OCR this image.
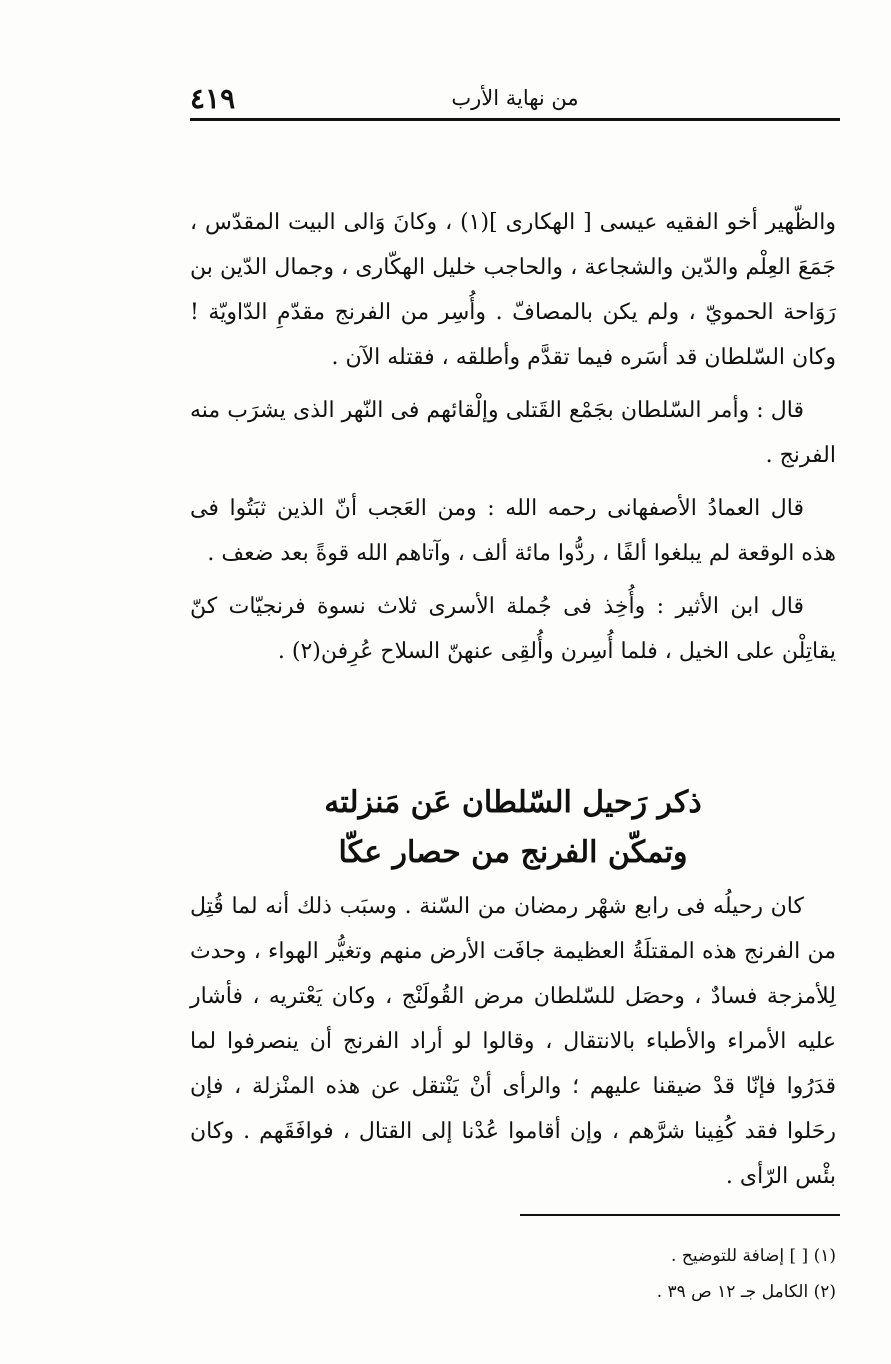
من نهاية الأرب
٤١٩

والظّهير أخو الفقيه عيسى [ الهكارى ](١) ، وكانَ وَالى البيت المقدّس ، جَمَعَ العِلْم والدّين والشجاعة ، والحاجب خليل الهكّارى ، وجمال الدّين بن رَوَاحة الحمويّ ، ولم يكن بالمصافّ . وأُسِر من الفرنج مقدّمِ الدّاويّة !وكان السّلطان قد أسَره فيما تقدَّم وأطلقه ، فقتله الآن .

قال : وأمر السّلطان بجَمْع القَتلى وإلْقائهم فى النّهر الذى يشرَب منه الفرنج .

قال العمادُ الأصفهانى رحمه الله : ومن العَجب أنّ الذين ثبَتُوا فى هذه الوقعة لم يبلغوا ألفًا ، ردُّوا مائة ألف ، وآتاهم الله قوةً بعد ضعف .

قال ابن الأثير : وأُخِذ فى جُملة الأسرى ثلاث نسوة فرنجيّات كنّ يقاتِلْن على الخيل ، فلما أُسِرن وأُلقِى عنهنّ السلاح عُرِفن(٢) .

ذكر رَحيل السّلطان عَن مَنزلته
وتمكّن الفرنج من حصار عكّا

كان رحيلُه فى رابع شهْر رمضان من السّنة . وسبَب ذلك أنه لما قُتِل من الفرنج هذه المقتلَةُ العظيمة جافَت الأرض منهم وتغيُّر الهواء ، وحدث لِلأمزجة فسادٌ ، وحصَل للسّلطان مرض القُولَنْج ، وكان يَعْتريه ، فأشار عليه الأمراء والأطباء بالانتقال ، وقالوا لو أراد الفرنج أن ينصرفوا لما قدَرُوا فإنّا قدْ ضيقنا عليهم ؛ والرأى أنْ يَنْتقل عن هذه المنْزلة ، فإن رحَلوا فقد كُفِينا شرَّهم ، وإن أقاموا عُدْنا إلى القتال ، فوافَقَهم . وكان بئْس الرّأى .

(١) [ ] إضافة للتوضيح .

(٢) الكامل جـ ١٢ ص ٣٩ .
